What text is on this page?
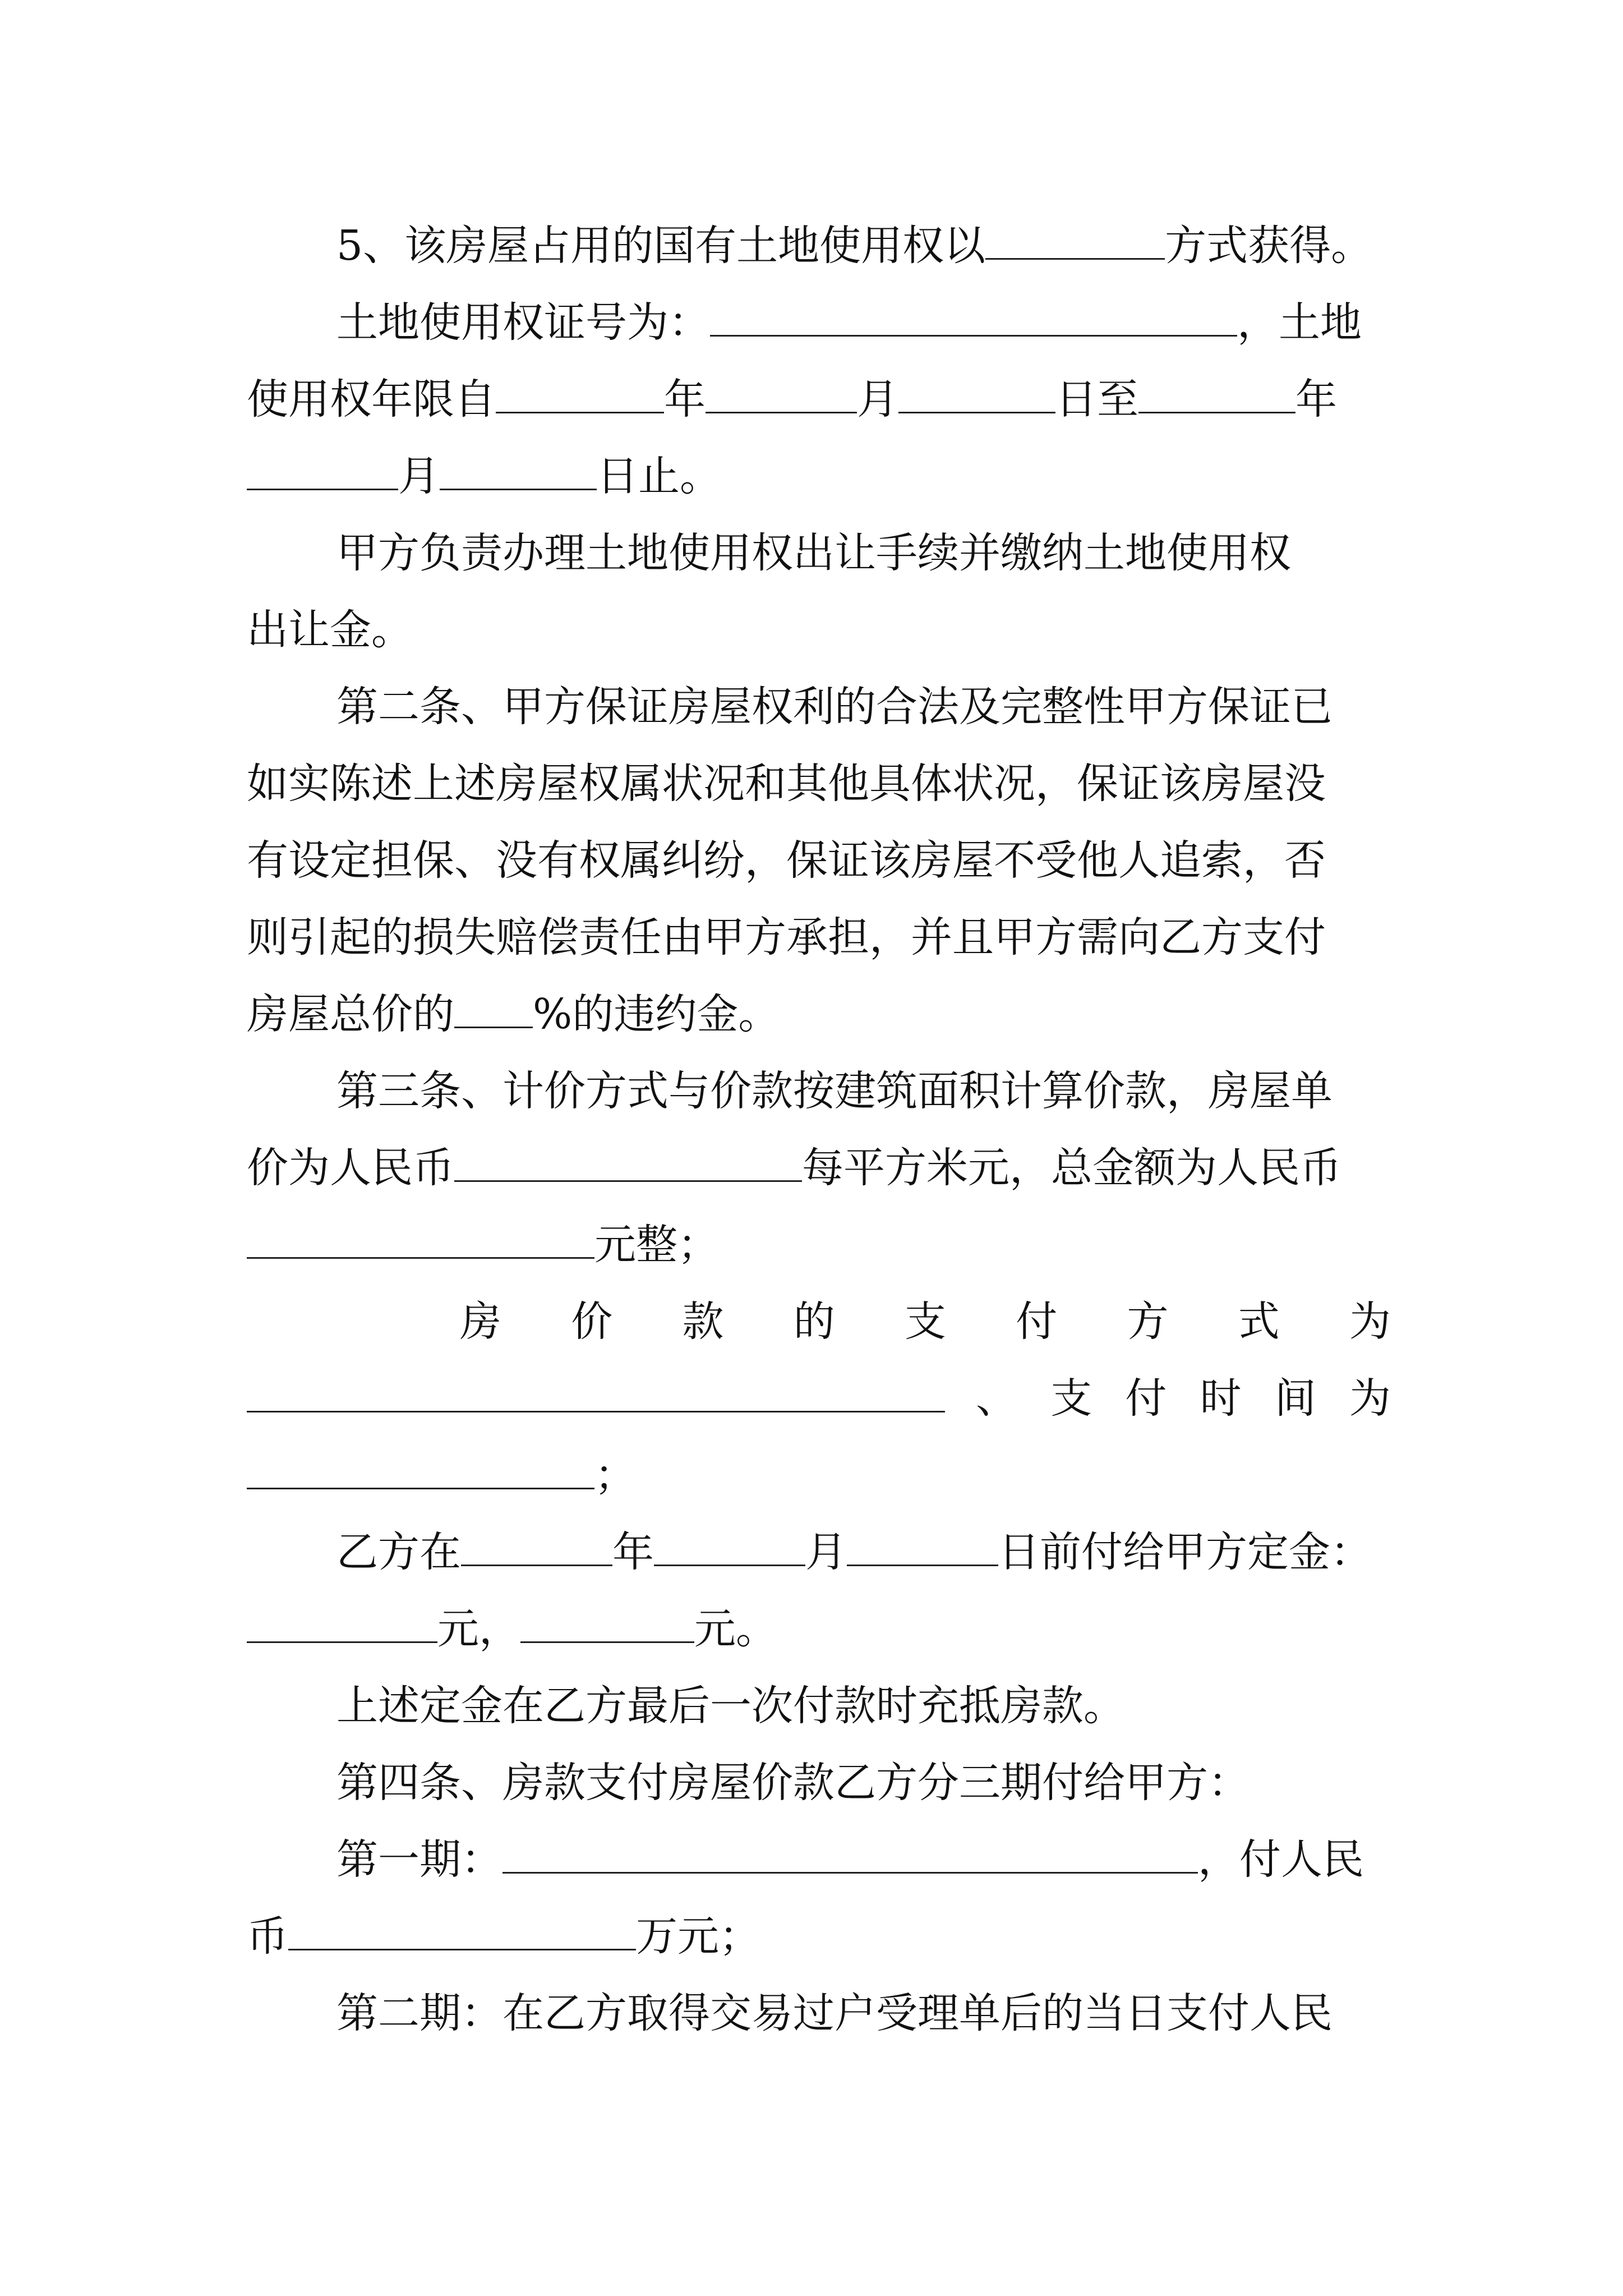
5、该房屋占用的国有土地使用权以	方式获得。
土地使用权证号为：	，土地
使用权年限自	年	月	日至	年
月	日止。
甲方负责办理土地使用权出让手续并缴纳土地使用权
出让金。
第二条、甲方保证房屋权利的合法及完整性甲方保证已
如实陈述上述房屋权属状况和其他具体状况，保证该房屋没
有设定担保、没有权属纠纷，保证该房屋不受他人追索，否
则引起的损失赔偿责任由甲方承担，并且甲方需向乙方支付
房屋总价的 %的违约金。
第三条、计价方式与价款按建筑面积计算价款，房屋单
价为人民币	每平方米元，总金额为人民币
元整；
房 价 款 的 支 付 方 式 为
、 支 付 时 间 为
；
乙方在	年	月	日前付给甲方定金：
元，	元。
上述定金在乙方最后一次付款时充抵房款。
第四条、房款支付房屋价款乙方分三期付给甲方：
第一期：	，付人民
币	万元；
第二期：在乙方取得交易过户受理单后的当日支付人民
